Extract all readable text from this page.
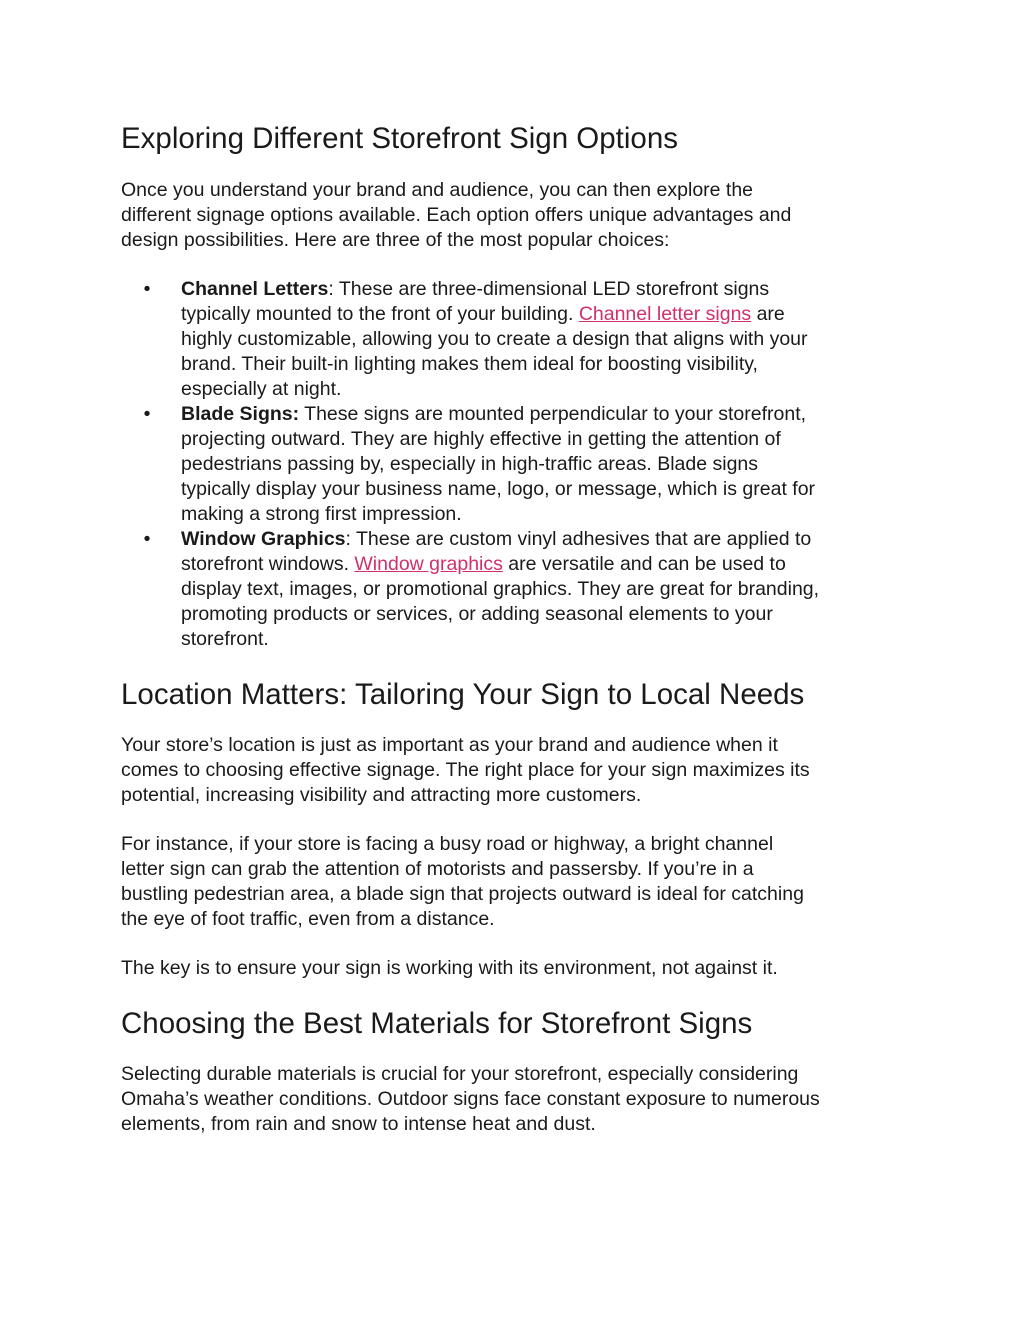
Exploring Different Storefront Sign Options

Once you understand your brand and audience, you can then explore the
different signage options available. Each option offers unique advantages and
design possibilities. Here are three of the most popular choices:

• Channel Letters: These are three-dimensional LED storefront signs
typically mounted to the front of your building. Channel letter signs are
highly customizable, allowing you to create a design that aligns with your
brand. Their built-in lighting makes them ideal for boosting visibility,
especially at night.
• Blade Signs: These signs are mounted perpendicular to your storefront,
projecting outward. They are highly effective in getting the attention of
pedestrians passing by, especially in high-traffic areas. Blade signs
typically display your business name, logo, or message, which is great for
making a strong first impression.
• Window Graphics: These are custom vinyl adhesives that are applied to
storefront windows. Window graphics are versatile and can be used to
display text, images, or promotional graphics. They are great for branding,
promoting products or services, or adding seasonal elements to your
storefront.
Location Matters: Tailoring Your Sign to Local Needs

Your store’s location is just as important as your brand and audience when it
comes to choosing effective signage. The right place for your sign maximizes its
potential, increasing visibility and attracting more customers.

For instance, if your store is facing a busy road or highway, a bright channel
letter sign can grab the attention of motorists and passersby. If you’re in a
bustling pedestrian area, a blade sign that projects outward is ideal for catching
the eye of foot traffic, even from a distance.

The key is to ensure your sign is working with its environment, not against it.

Choosing the Best Materials for Storefront Signs

Selecting durable materials is crucial for your storefront, especially considering
Omaha’s weather conditions. Outdoor signs face constant exposure to numerous
elements, from rain and snow to intense heat and dust.
